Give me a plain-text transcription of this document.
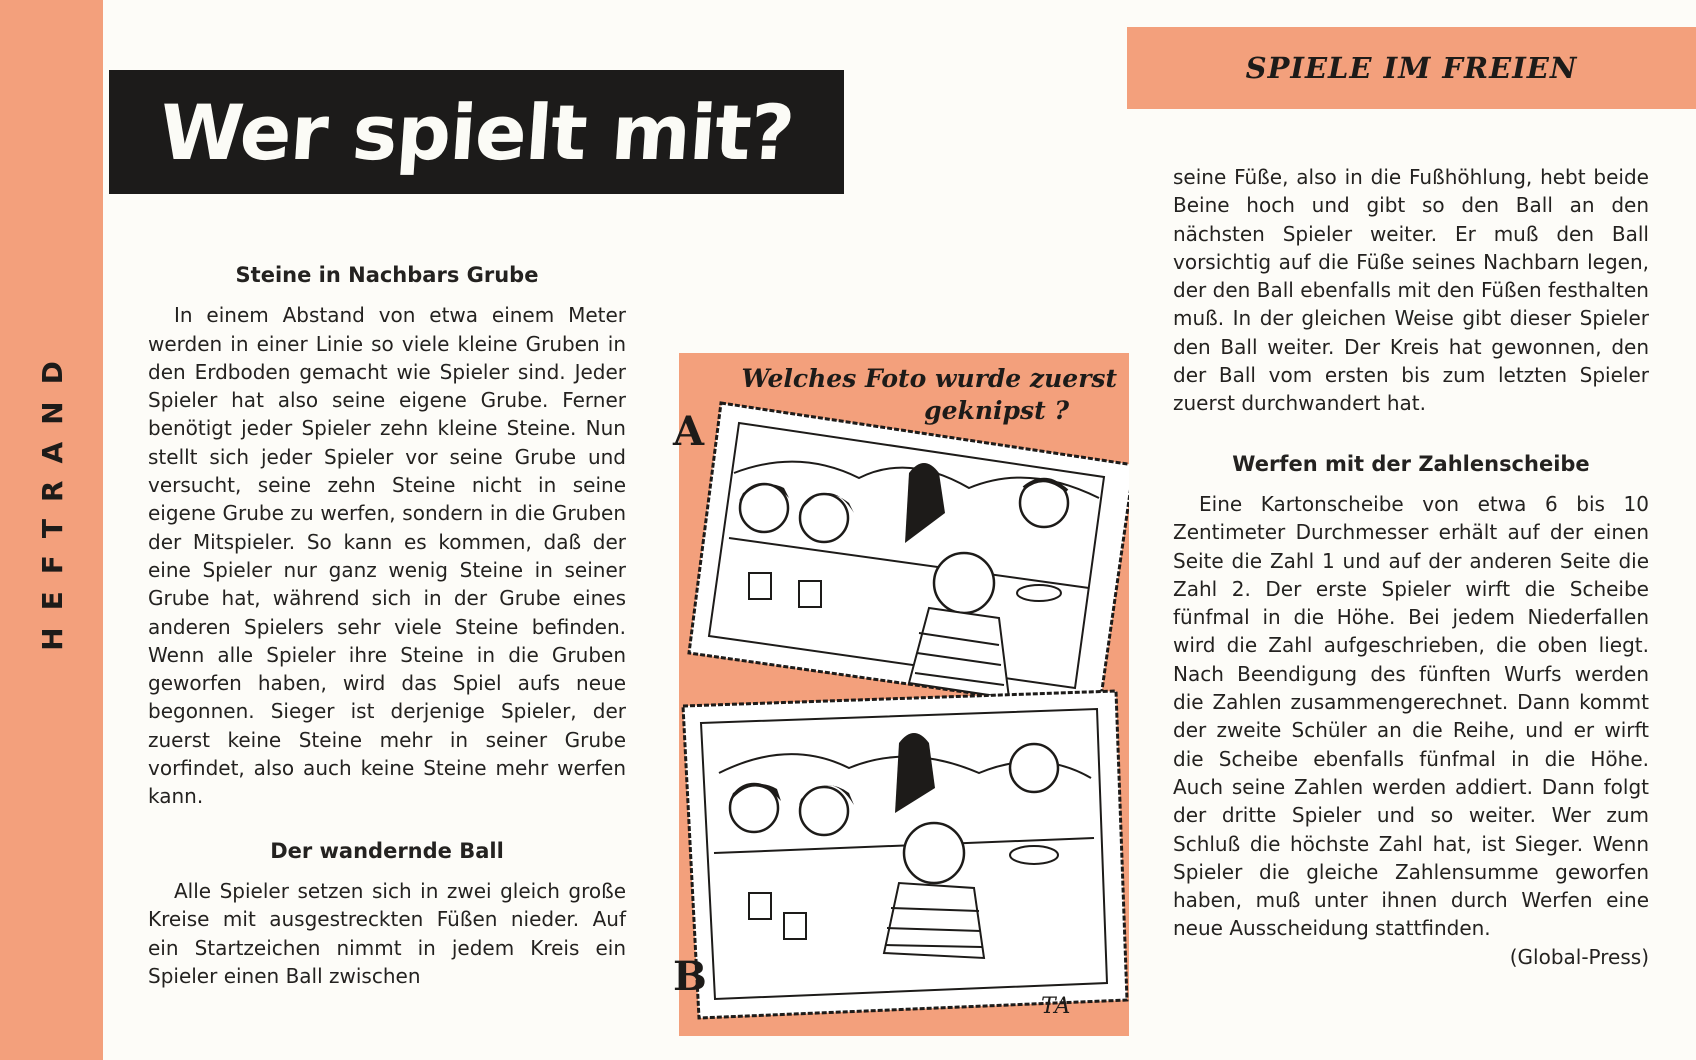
HEFTRAND
Wer spielt mit?
SPIELE IM FREIEN
Steine in Nachbars Grube

In einem Abstand von etwa einem Meter werden in einer Linie so viele kleine Gruben in den Erdboden gemacht wie Spieler sind. Jeder Spieler hat also seine eigene Grube. Ferner benötigt jeder Spieler zehn kleine Steine. Nun stellt sich jeder Spieler vor seine Grube und versucht, seine zehn Steine nicht in seine eigene Grube zu werfen, sondern in die Gruben der Mitspieler. So kann es kommen, daß der eine Spieler nur ganz wenig Steine in seiner Grube hat, während sich in der Grube eines anderen Spielers sehr viele Steine befinden. Wenn alle Spieler ihre Steine in die Gruben geworfen haben, wird das Spiel aufs neue begonnen. Sieger ist derjenige Spieler, der zuerst keine Steine mehr in seiner Grube vorfindet, also auch keine Steine mehr werfen kann.

Der wandernde Ball

Alle Spieler setzen sich in zwei gleich große Kreise mit ausgestreckten Füßen nieder. Auf ein Startzeichen nimmt in jedem Kreis ein Spieler einen Ball zwischen

seine Füße, also in die Fußhöhlung, hebt beide Beine hoch und gibt so den Ball an den nächsten Spieler weiter. Er muß den Ball vorsichtig auf die Füße seines Nachbarn legen, der den Ball ebenfalls mit den Füßen festhalten muß. In der gleichen Weise gibt dieser Spieler den Ball weiter. Der Kreis hat gewonnen, den der Ball vom ersten bis zum letzten Spieler zuerst durchwandert hat.

Werfen mit der Zahlenscheibe

Eine Kartonscheibe von etwa 6 bis 10 Zentimeter Durchmesser erhält auf der einen Seite die Zahl 1 und auf der anderen Seite die Zahl 2. Der erste Spieler wirft die Scheibe fünfmal in die Höhe. Bei jedem Niederfallen wird die Zahl aufgeschrieben, die oben liegt. Nach Beendigung des fünften Wurfs werden die Zahlen zusammengerechnet. Dann kommt der zweite Schüler an die Reihe, und er wirft die Scheibe ebenfalls fünfmal in die Höhe. Auch seine Zahlen werden addiert. Dann folgt der dritte Spieler und so weiter. Wer zum Schluß die höchste Zahl hat, ist Sieger. Wenn Spieler die gleiche Zahlensumme geworfen haben, muß unter ihnen durch Werfen eine neue Ausscheidung stattfinden.
(Global-Press)

TA
Welches Foto wurde zuerst
geknipst ?
A
B
